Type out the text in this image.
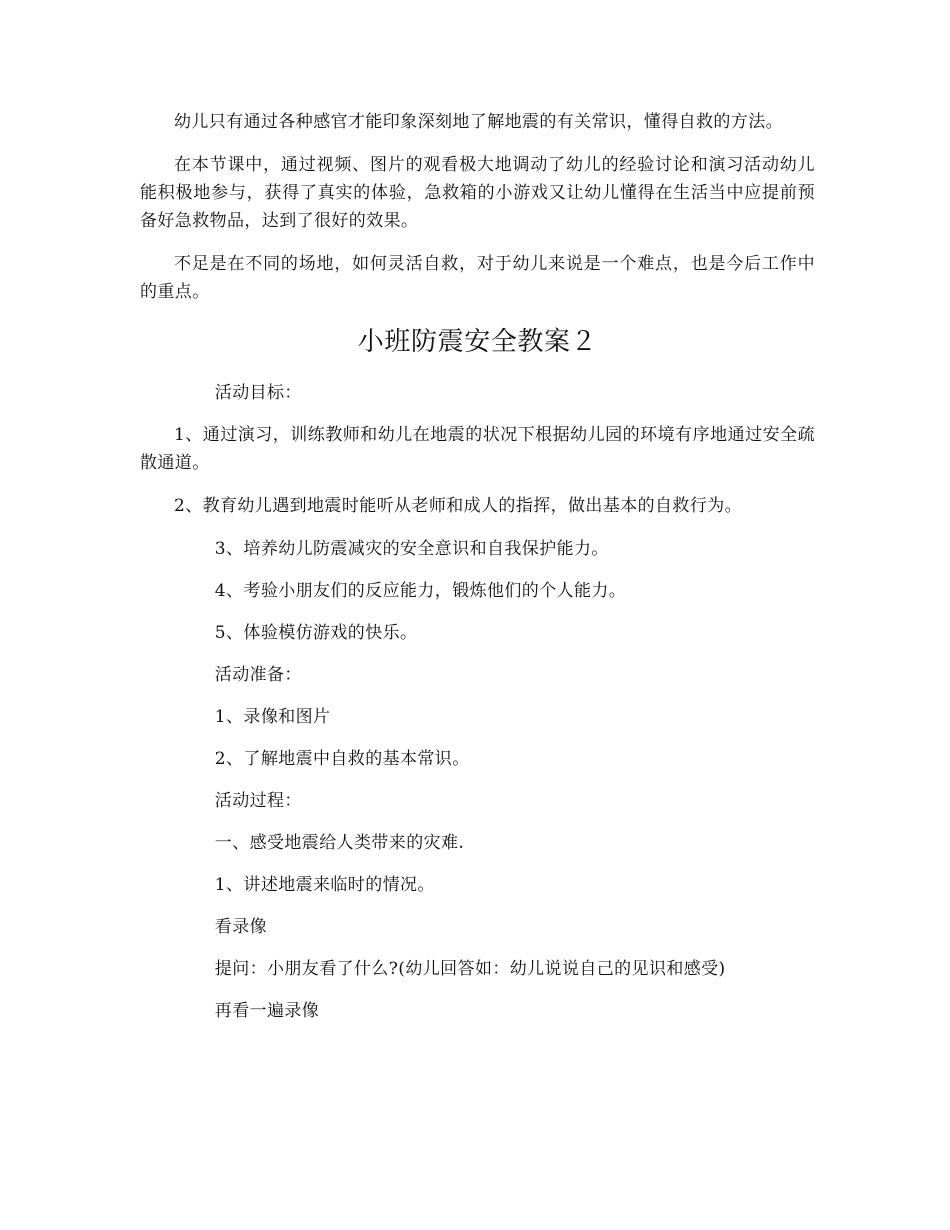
幼儿只有通过各种感官才能印象深刻地了解地震的有关常识，懂得自救的方法。

在本节课中，通过视频、图片的观看极大地调动了幼儿的经验讨论和演习活动幼儿能积极地参与，获得了真实的体验，急救箱的小游戏又让幼儿懂得在生活当中应提前预备好急救物品，达到了很好的效果。

不足是在不同的场地，如何灵活自救，对于幼儿来说是一个难点，也是今后工作中的重点。

小班防震安全教案２
活动目标：

1、通过演习，训练教师和幼儿在地震的状况下根据幼儿园的环境有序地通过安全疏散通道。

2、教育幼儿遇到地震时能听从老师和成人的指挥，做出基本的自救行为。

3、培养幼儿防震减灾的安全意识和自我保护能力。
4、考验小朋友们的反应能力，锻炼他们的个人能力。
5、体验模仿游戏的快乐。
活动准备：
1、录像和图片
2、了解地震中自救的基本常识。
活动过程：
一、感受地震给人类带来的灾难.
1、讲述地震来临时的情况。
看录像
提问：小朋友看了什么?(幼儿回答如：幼儿说说自己的见识和感受)
再看一遍录像
